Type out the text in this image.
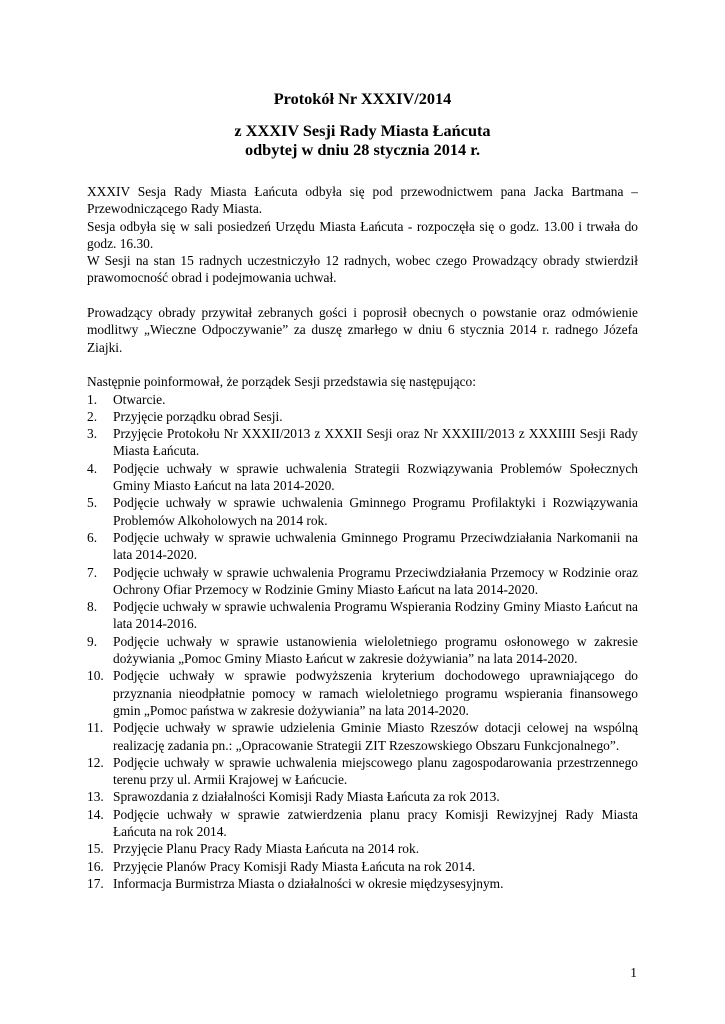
Protokół Nr XXXIV/2014
z XXXIV Sesji Rady Miasta Łańcuta
odbytej w dniu 28 stycznia 2014 r.

XXXIV Sesja Rady Miasta Łańcuta odbyła się pod przewodnictwem pana Jacka Bartmana – Przewodniczącego Rady Miasta.

Sesja odbyła się w sali posiedzeń Urzędu Miasta Łańcuta - rozpoczęła się o godz. 13.00 i trwała do godz. 16.30.

W Sesji na stan 15 radnych uczestniczyło 12 radnych, wobec czego Prowadzący obrady stwierdził prawomocność obrad i podejmowania uchwał.

Prowadzący obrady przywitał zebranych gości i poprosił obecnych o powstanie oraz odmówienie modlitwy „Wieczne Odpoczywanie” za duszę zmarłego w dniu 6 stycznia 2014 r. radnego Józefa Ziajki.

Następnie poinformował, że porządek Sesji przedstawia się następująco:

1.	Otwarcie.
2.	Przyjęcie porządku obrad Sesji.
3.	Przyjęcie Protokołu Nr XXXII/2013 z XXXII Sesji oraz Nr XXXIII/2013 z XXXIIII Sesji Rady Miasta Łańcuta.
4.	Podjęcie uchwały w sprawie uchwalenia Strategii Rozwiązywania Problemów Społecznych Gminy Miasto Łańcut na lata 2014-2020.
5.	Podjęcie uchwały w sprawie uchwalenia Gminnego Programu Profilaktyki i Rozwiązywania Problemów Alkoholowych na 2014 rok.
6.	Podjęcie uchwały w sprawie uchwalenia Gminnego Programu Przeciwdziałania Narkomanii na lata 2014-2020.
7.	Podjęcie uchwały w sprawie uchwalenia Programu Przeciwdziałania Przemocy w Rodzinie oraz Ochrony Ofiar Przemocy w Rodzinie Gminy Miasto Łańcut na lata 2014-2020.
8.	Podjęcie uchwały w sprawie uchwalenia Programu Wspierania Rodziny Gminy Miasto Łańcut na lata 2014-2016.
9.	Podjęcie uchwały w sprawie ustanowienia wieloletniego programu osłonowego w zakresie dożywiania „Pomoc Gminy Miasto Łańcut w zakresie dożywiania” na lata 2014-2020.
10. Podjęcie uchwały w sprawie podwyższenia kryterium dochodowego uprawniającego do przyznania nieodpłatnie pomocy w ramach wieloletniego programu wspierania finansowego gmin „Pomoc państwa w zakresie dożywiania” na lata 2014-2020.
11. Podjęcie uchwały w sprawie udzielenia Gminie Miasto Rzeszów dotacji celowej na wspólną realizację zadania pn.: „Opracowanie Strategii ZIT Rzeszowskiego Obszaru Funkcjonalnego”.
12. Podjęcie uchwały w sprawie uchwalenia miejscowego planu zagospodarowania przestrzennego terenu przy ul. Armii Krajowej w Łańcucie.
13. Sprawozdania z działalności Komisji Rady Miasta Łańcuta za rok 2013.
14. Podjęcie uchwały w sprawie zatwierdzenia planu pracy Komisji Rewizyjnej Rady Miasta Łańcuta na rok 2014.
15. Przyjęcie Planu Pracy Rady Miasta Łańcuta na 2014 rok.
16. Przyjęcie Planów Pracy Komisji Rady Miasta Łańcuta na rok 2014.
17. Informacja Burmistrza Miasta o działalności w okresie międzysesyjnym.
1
